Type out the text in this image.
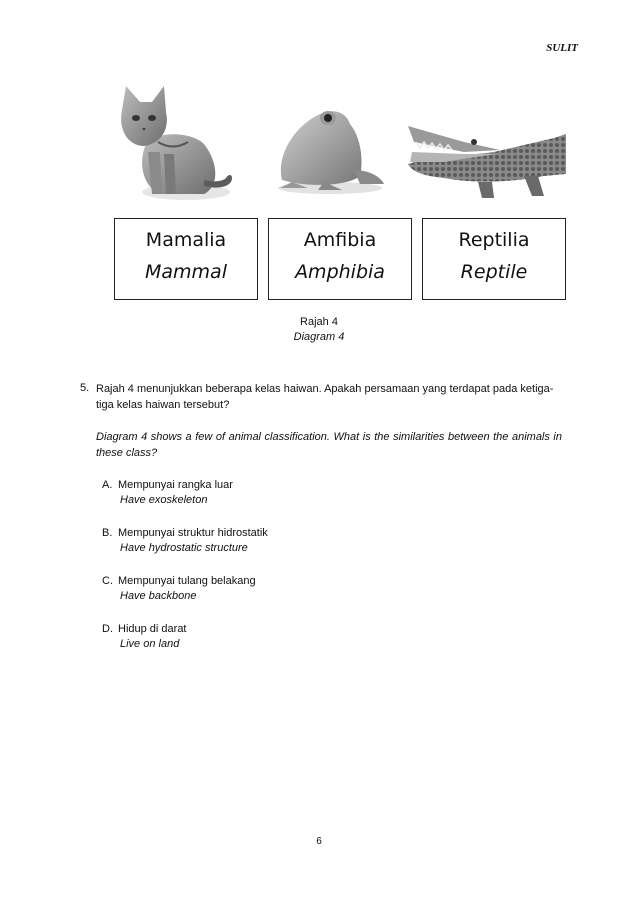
SULIT
Mamalia
Mammal
Amfibia
Amphibia
Reptilia
Reptile
Rajah 4
Diagram 4
5. Rajah 4 menunjukkan beberapa kelas haiwan. Apakah persamaan yang terdapat pada ketiga-tiga kelas haiwan tersebut?
Diagram 4 shows a few of animal classification. What is the similarities between the animals in these class?
A. Mempunyai rangka luar
Have exoskeleton
B. Mempunyai struktur hidrostatik
Have hydrostatic structure
C. Mempunyai tulang belakang
Have backbone
D. Hidup di darat
Live on land
6
